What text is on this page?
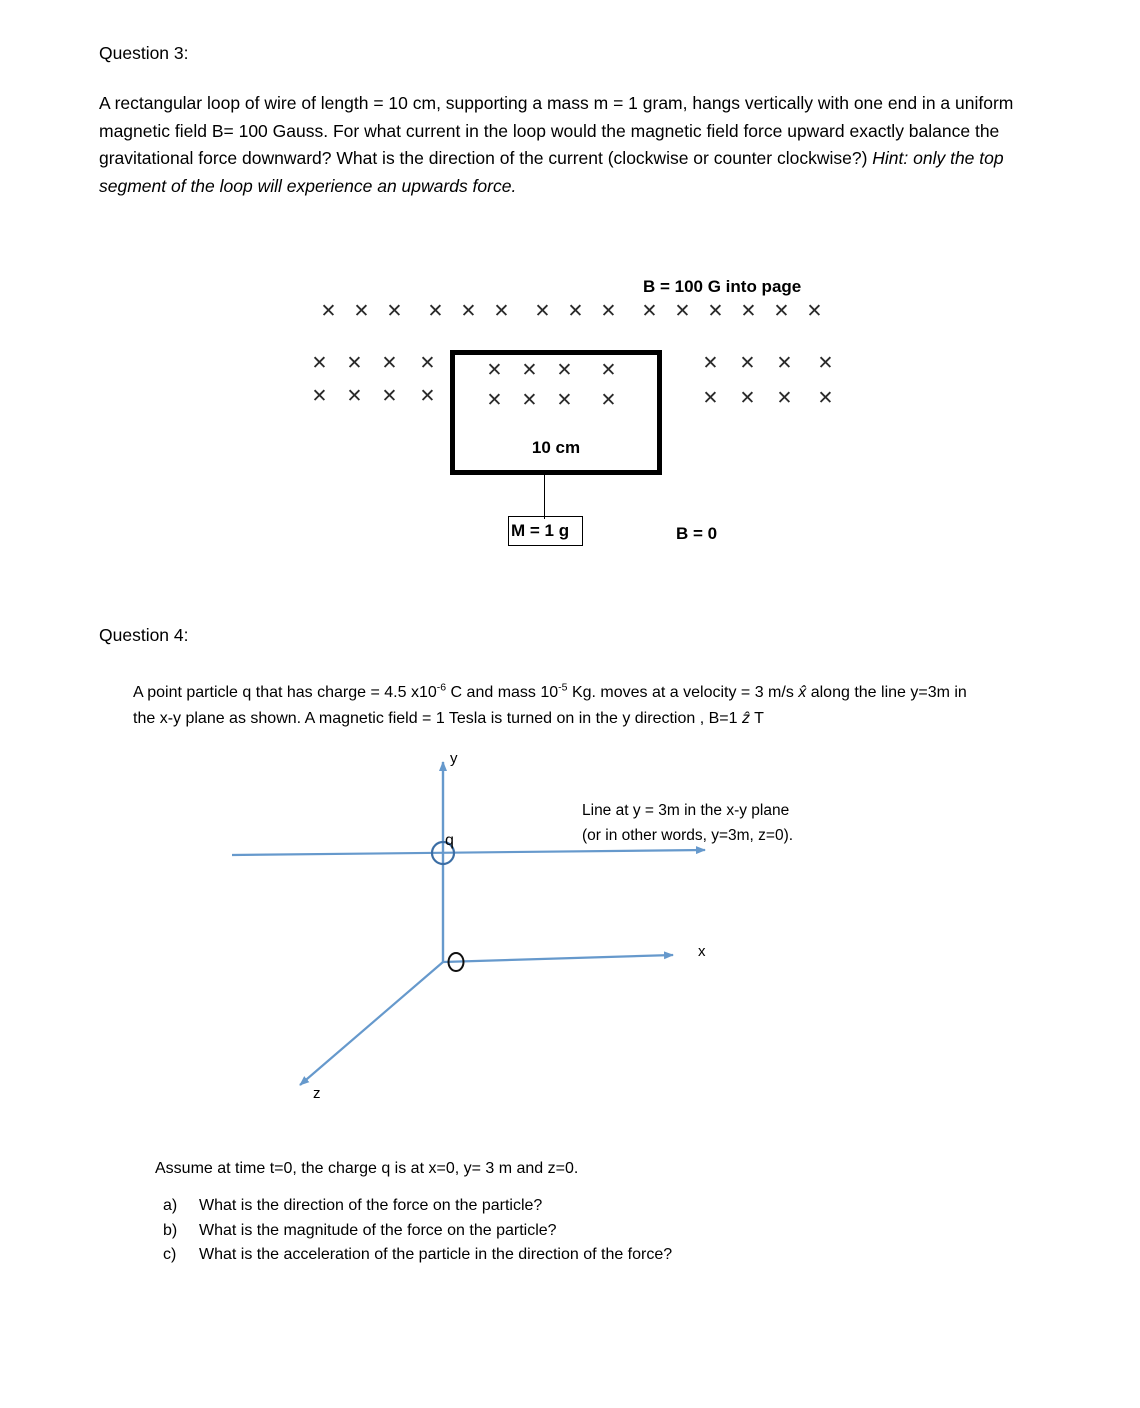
Question 3:
A rectangular loop of wire of length = 10 cm, supporting a mass m = 1 gram, hangs vertically with one end in a uniform magnetic field B= 100 Gauss. For what current in the loop would the magnetic field force upward exactly balance the gravitational force downward? What is the direction of the current (clockwise or counter clockwise?) Hint: only the top segment of the loop will experience an upwards force.
B = 100 G into page
✕ ✕ ✕ ✕ ✕ ✕ ✕ ✕ ✕ ✕ ✕ ✕ ✕ ✕ ✕
✕ ✕ ✕ ✕
✕ ✕ ✕ ✕
✕ ✕ ✕ ✕
✕ ✕ ✕ ✕
✕ ✕ ✕ ✕
✕ ✕ ✕ ✕
10 cm
M = 1 g	B = 0
Question 4:
A point particle q that has charge = 4.5 $x10^{-6}$ C and mass $10^{-5}$ Kg. moves at a velocity = 3 m/s x̂ along the line y=3m in the x-y plane as shown. A magnetic field = 1 Tesla is turned on in the y direction , B=1 ẑ T
y
x
z
q
Line at y = 3m in the x-y plane
(or in other words, y=3m, z=0).
Assume at time t=0, the charge q is at x=0, y= 3 m and z=0.
a)	What is the direction of the force on the particle?
b)	What is the magnitude of the force on the particle?
c)	What is the acceleration of the particle in the direction of the force?
